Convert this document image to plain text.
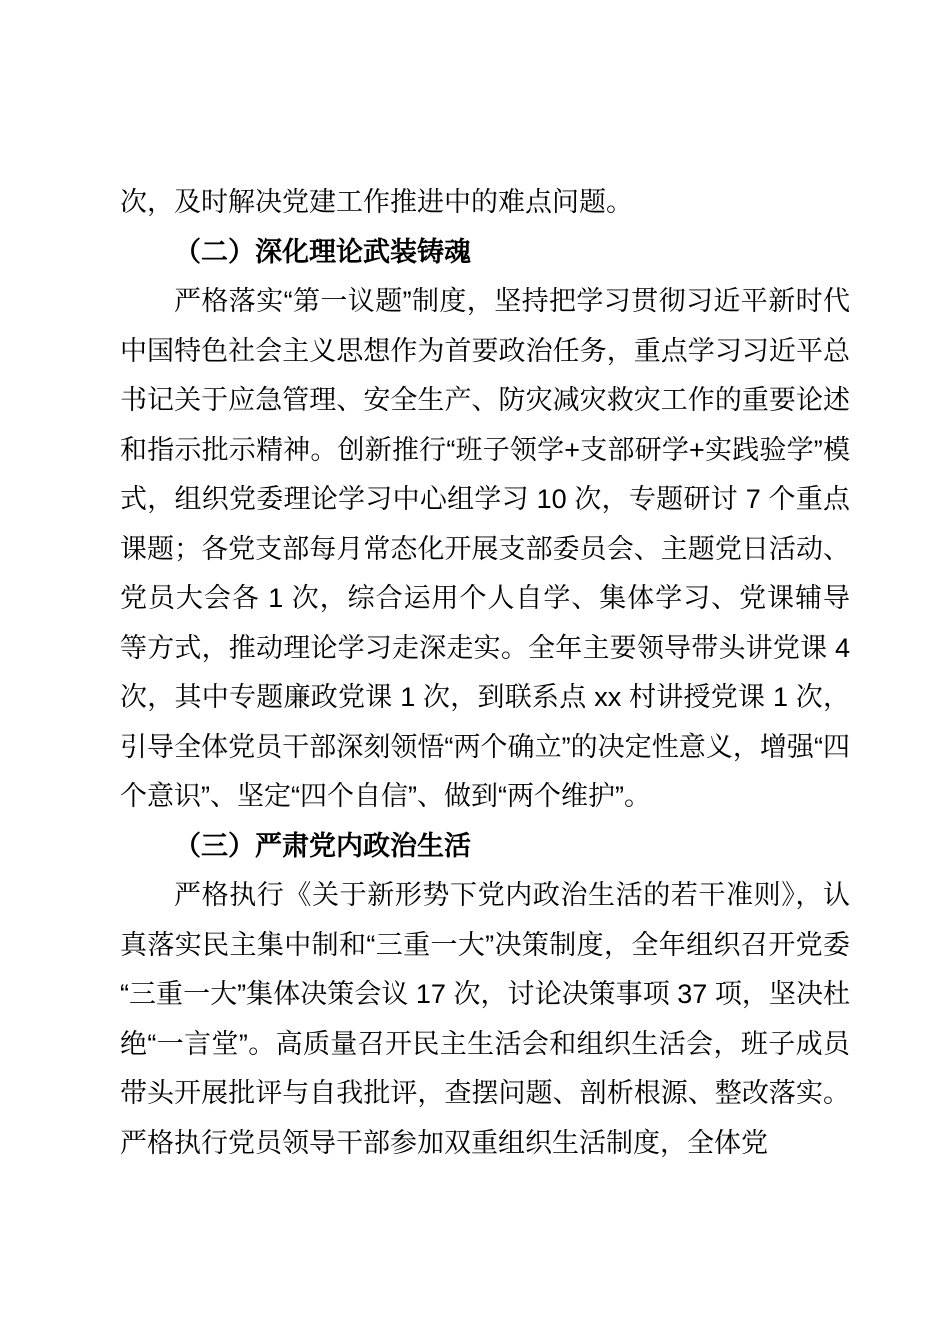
次，及时解决党建工作推进中的难点问题。

（二）深化理论武装铸魂

严格落实“第一议题”制度，坚持把学习贯彻习近平新时代中国特色社会主义思想作为首要政治任务，重点学习习近平总书记关于应急管理、安全生产、防灾减灾救灾工作的重要论述和指示批示精神。创新推行“班子领学+支部研学+实践验学”模式，组织党委理论学习中心组学习 10 次，专题研讨 7 个重点课题；各党支部每月常态化开展支部委员会、主题党日活动、党员大会各 1 次，综合运用个人自学、集体学习、党课辅导等方式，推动理论学习走深走实。全年主要领导带头讲党课 4 次，其中专题廉政党课 1 次，到联系点 xx 村讲授党课 1 次，引导全体党员干部深刻领悟“两个确立”的决定性意义，增强“四个意识”、坚定“四个自信”、做到“两个维护”。

（三）严肃党内政治生活

严格执行《关于新形势下党内政治生活的若干准则》，认真落实民主集中制和“三重一大”决策制度，全年组织召开党委“三重一大”集体决策会议 17 次，讨论决策事项 37 项，坚决杜绝“一言堂”。高质量召开民主生活会和组织生活会，班子成员带头开展批评与自我批评，查摆问题、剖析根源、整改落实。严格执行党员领导干部参加双重组织生活制度，全体党
